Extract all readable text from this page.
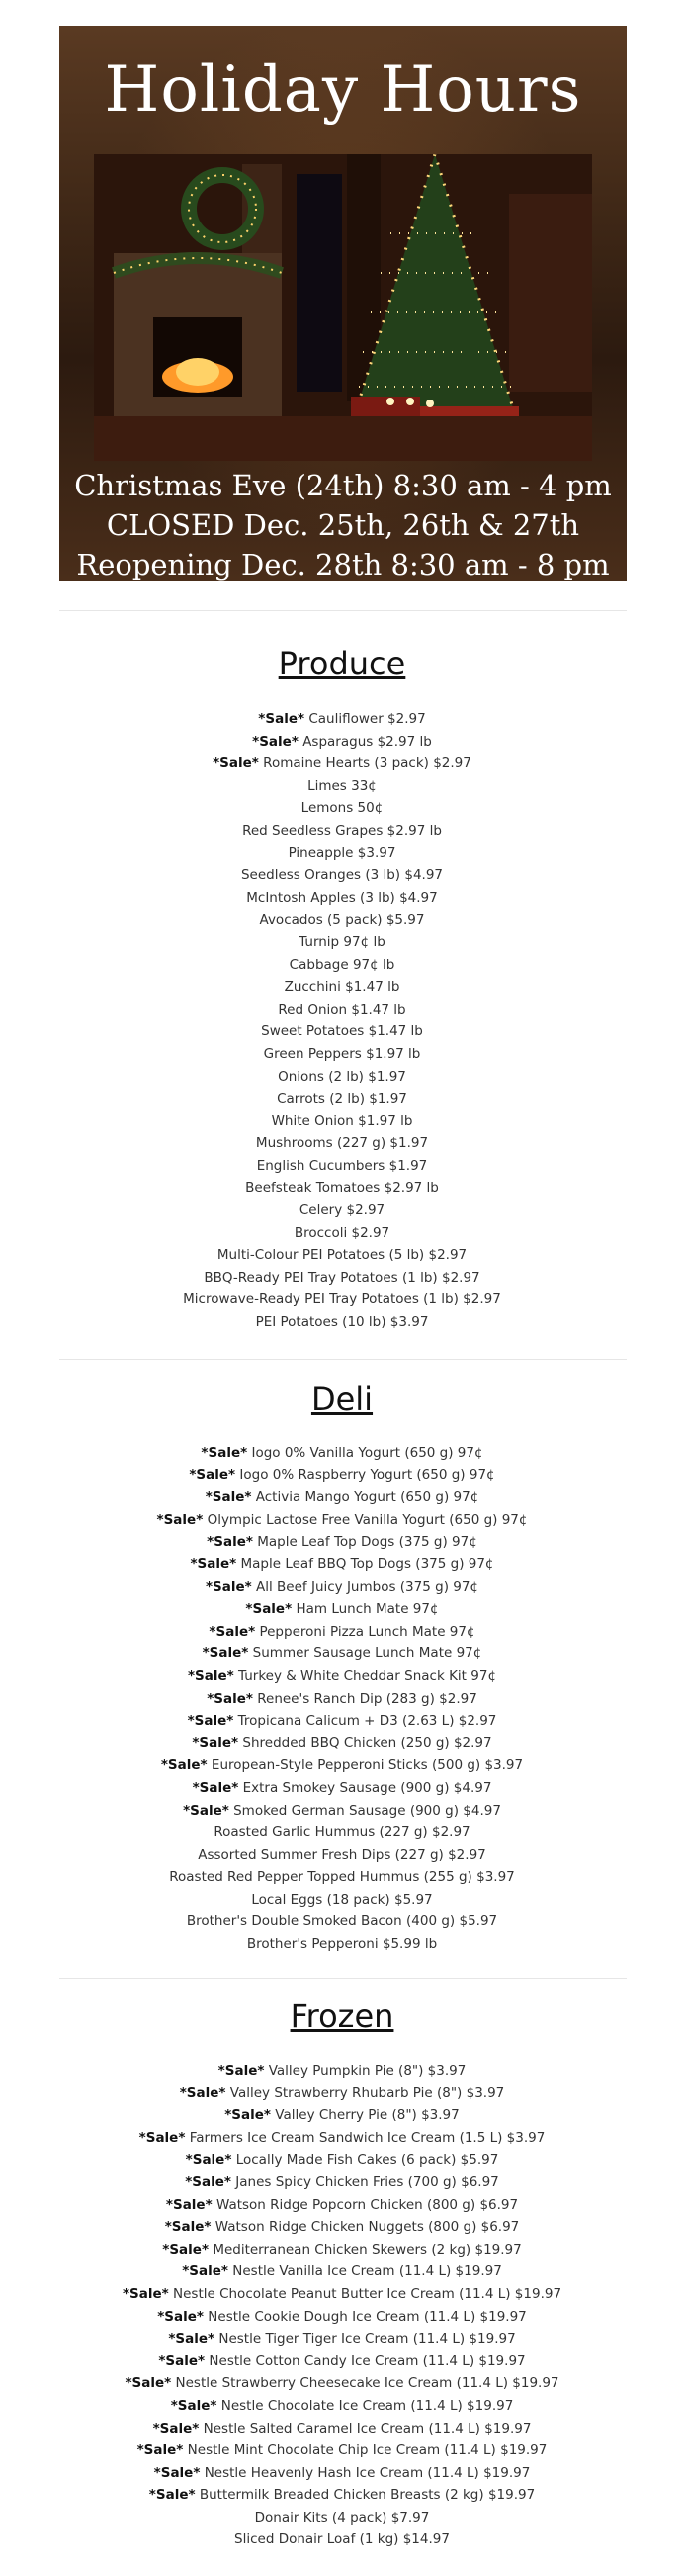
Holiday Hours
Christmas Eve (24th) 8:30 am - 4 pm
CLOSED Dec. 25th, 26th & 27th
Reopening Dec. 28th 8:30 am - 8 pm
Produce
*Sale* Cauliflower $2.97
*Sale* Asparagus $2.97 lb
*Sale* Romaine Hearts (3 pack) $2.97
Limes 33¢
Lemons 50¢
Red Seedless Grapes $2.97 lb
Pineapple $3.97
Seedless Oranges (3 lb) $4.97
McIntosh Apples (3 lb) $4.97
Avocados (5 pack) $5.97
Turnip 97¢ lb
Cabbage 97¢ lb
Zucchini $1.47 lb
Red Onion $1.47 lb
Sweet Potatoes $1.47 lb
Green Peppers $1.97 lb
Onions (2 lb) $1.97
Carrots (2 lb) $1.97
White Onion $1.97 lb
Mushrooms (227 g) $1.97
English Cucumbers $1.97
Beefsteak Tomatoes $2.97 lb
Celery $2.97
Broccoli $2.97
Multi-Colour PEI Potatoes (5 lb) $2.97
BBQ-Ready PEI Tray Potatoes (1 lb) $2.97
Microwave-Ready PEI Tray Potatoes (1 lb) $2.97
PEI Potatoes (10 lb) $3.97
Deli
*Sale* Iogo 0% Vanilla Yogurt (650 g) 97¢
*Sale* Iogo 0% Raspberry Yogurt (650 g) 97¢
*Sale* Activia Mango Yogurt (650 g) 97¢
*Sale* Olympic Lactose Free Vanilla Yogurt (650 g) 97¢
*Sale* Maple Leaf Top Dogs (375 g) 97¢
*Sale* Maple Leaf BBQ Top Dogs (375 g) 97¢
*Sale* All Beef Juicy Jumbos (375 g) 97¢
*Sale* Ham Lunch Mate 97¢
*Sale* Pepperoni Pizza Lunch Mate 97¢
*Sale* Summer Sausage Lunch Mate 97¢
*Sale* Turkey & White Cheddar Snack Kit 97¢
*Sale* Renee's Ranch Dip (283 g) $2.97
*Sale* Tropicana Calicum + D3 (2.63 L) $2.97
*Sale* Shredded BBQ Chicken (250 g) $2.97
*Sale* European-Style Pepperoni Sticks (500 g) $3.97
*Sale* Extra Smokey Sausage (900 g) $4.97
*Sale* Smoked German Sausage (900 g) $4.97
Roasted Garlic Hummus (227 g) $2.97
Assorted Summer Fresh Dips (227 g) $2.97
Roasted Red Pepper Topped Hummus (255 g) $3.97
Local Eggs (18 pack) $5.97
Brother's Double Smoked Bacon (400 g) $5.97
Brother's Pepperoni $5.99 lb
Frozen
*Sale* Valley Pumpkin Pie (8") $3.97
*Sale* Valley Strawberry Rhubarb Pie (8") $3.97
*Sale* Valley Cherry Pie (8") $3.97
*Sale* Farmers Ice Cream Sandwich Ice Cream (1.5 L) $3.97
*Sale* Locally Made Fish Cakes (6 pack) $5.97
*Sale* Janes Spicy Chicken Fries (700 g) $6.97
*Sale* Watson Ridge Popcorn Chicken (800 g) $6.97
*Sale* Watson Ridge Chicken Nuggets (800 g) $6.97
*Sale* Mediterranean Chicken Skewers (2 kg) $19.97
*Sale* Nestle Vanilla Ice Cream (11.4 L) $19.97
*Sale* Nestle Chocolate Peanut Butter Ice Cream (11.4 L) $19.97
*Sale* Nestle Cookie Dough Ice Cream (11.4 L) $19.97
*Sale* Nestle Tiger Tiger Ice Cream (11.4 L) $19.97
*Sale* Nestle Cotton Candy Ice Cream (11.4 L) $19.97
*Sale* Nestle Strawberry Cheesecake Ice Cream (11.4 L) $19.97
*Sale* Nestle Chocolate Ice Cream (11.4 L) $19.97
*Sale* Nestle Salted Caramel Ice Cream (11.4 L) $19.97
*Sale* Nestle Mint Chocolate Chip Ice Cream (11.4 L) $19.97
*Sale* Nestle Heavenly Hash Ice Cream (11.4 L) $19.97
*Sale* Buttermilk Breaded Chicken Breasts (2 kg) $19.97
Donair Kits (4 pack) $7.97
Sliced Donair Loaf (1 kg) $14.97
